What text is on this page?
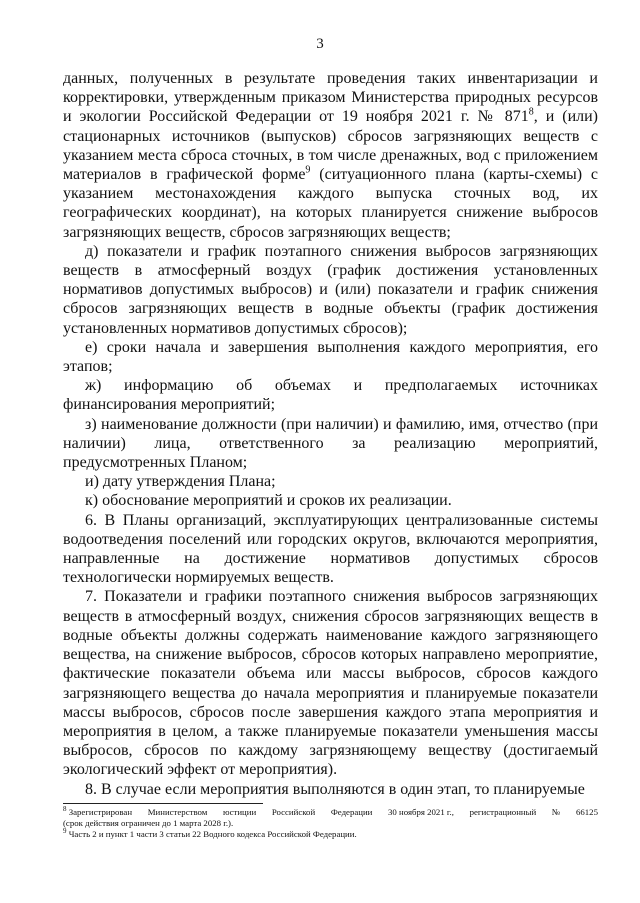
3

данных, полученных в результате проведения таких инвентаризации и корректировки, утвержденным приказом Министерства природных ресурсов и экологии Российской Федерации от 19 ноября 2021 г. № $871^8$, и (или) стационарных источников (выпусков) сбросов загрязняющих веществ с указанием места сброса сточных, в том числе дренажных, вод с приложением материалов в графической форме$^9$ (ситуационного плана (карты-схемы) с указанием местонахождения каждого выпуска сточных вод, их географических координат), на которых планируется снижение выбросов загрязняющих веществ, сбросов загрязняющих веществ;

д) показатели и график поэтапного снижения выбросов загрязняющих веществ в атмосферный воздух (график достижения установленных нормативов допустимых выбросов) и (или) показатели и график снижения сбросов загрязняющих веществ в водные объекты (график достижения установленных нормативов допустимых сбросов);

е) сроки начала и завершения выполнения каждого мероприятия, его этапов;

ж) информацию об объемах и предполагаемых источниках финансирования мероприятий;

з) наименование должности (при наличии) и фамилию, имя, отчество (при наличии) лица, ответственного за реализацию мероприятий, предусмотренных Планом;

и) дату утверждения Плана;

к) обоснование мероприятий и сроков их реализации.

6. В Планы организаций, эксплуатирующих централизованные системы водоотведения поселений или городских округов, включаются мероприятия, направленные на достижение нормативов допустимых сбросов технологически нормируемых веществ.

7. Показатели и графики поэтапного снижения выбросов загрязняющих веществ в атмосферный воздух, снижения сбросов загрязняющих веществ в водные объекты должны содержать наименование каждого загрязняющего вещества, на снижение выбросов, сбросов которых направлено мероприятие, фактические показатели объема или массы выбросов, сбросов каждого загрязняющего вещества до начала мероприятия и планируемые показатели массы выбросов, сбросов после завершения каждого этапа мероприятия и мероприятия в целом, а также планируемые показатели уменьшения массы выбросов, сбросов по каждому загрязняющему веществу (достигаемый экологический эффект от мероприятия).

8. В случае если мероприятия выполняются в один этап, то планируемые

$^8$ Зарегистрирован Министерством юстиции Российской Федерации 30 ноября 2021 г., регистрационный № 66125

(срок действия ограничен до 1 марта 2028 г.).

$^9$ Часть 2 и пункт 1 части 3 статьи 22 Водного кодекса Российской Федерации.
